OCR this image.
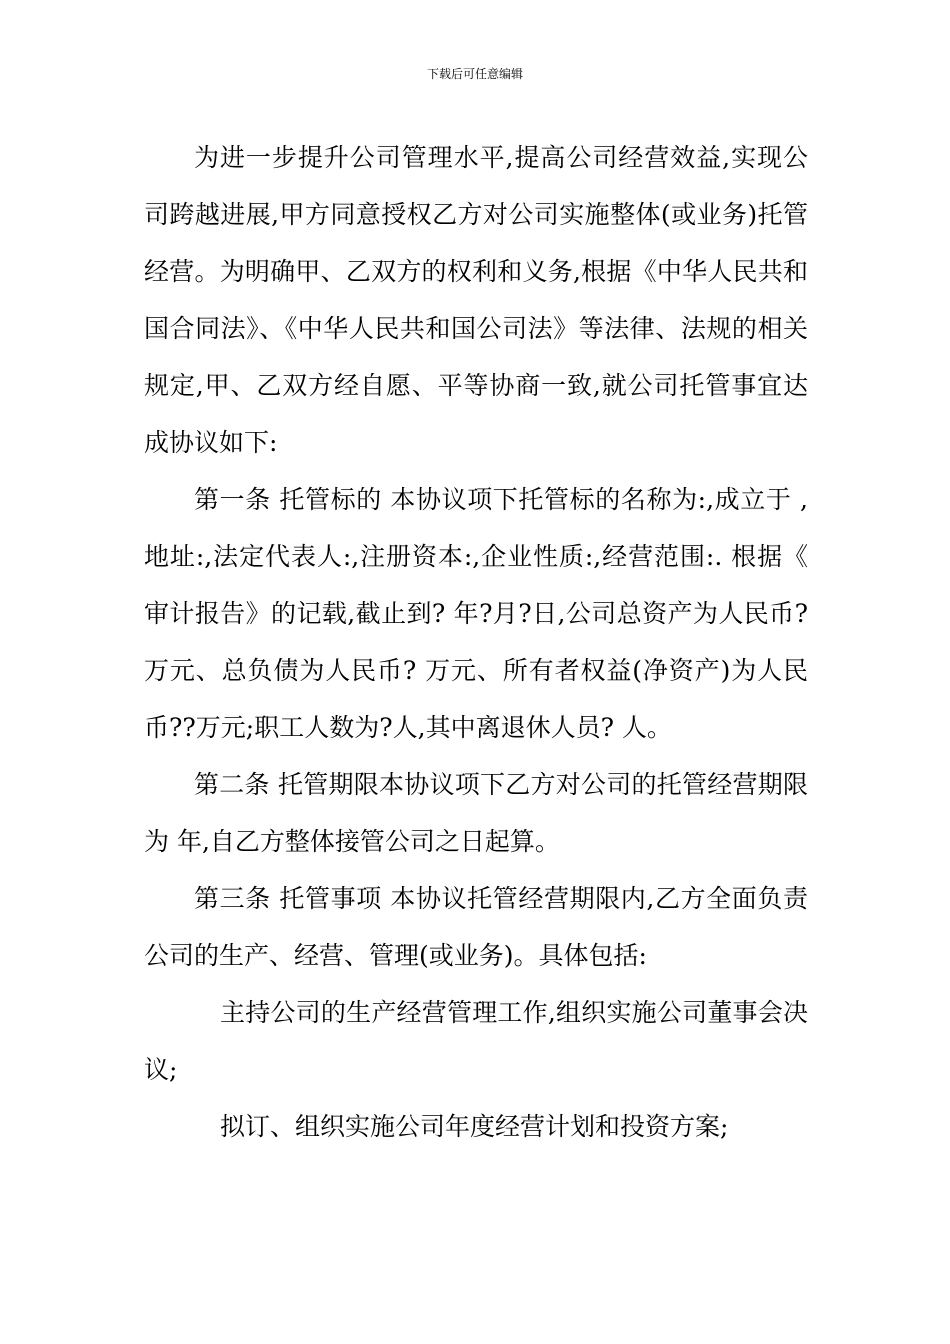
下载后可任意编辑

为进一步提升公司管理水平,提高公司经营效益,实现公司跨越进展,甲方同意授权乙方对公司实施整体(或业务)托管经营。为明确甲、乙双方的权利和义务,根据《中华人民共和国合同法》、《中华人民共和国公司法》等法律、法规的相关规定,甲、乙双方经自愿、平等协商一致,就公司托管事宜达成协议如下:

第一条 托管标的 本协议项下托管标的名称为:,成立于 ,地址:,法定代表人:,注册资本:,企业性质:,经营范围:. 根据《 审计报告》的记载,截止到? 年?月?日,公司总资产为人民币? 万元、总负债为人民币? 万元、所有者权益(净资产)为人民币??万元;职工人数为?人,其中离退休人员? 人。

第二条 托管期限本协议项下乙方对公司的托管经营期限为 年,自乙方整体接管公司之日起算。

第三条 托管事项 本协议托管经营期限内,乙方全面负责公司的生产、经营、管理(或业务)。具体包括:

主持公司的生产经营管理工作,组织实施公司董事会决议;

拟订、组织实施公司年度经营计划和投资方案;
